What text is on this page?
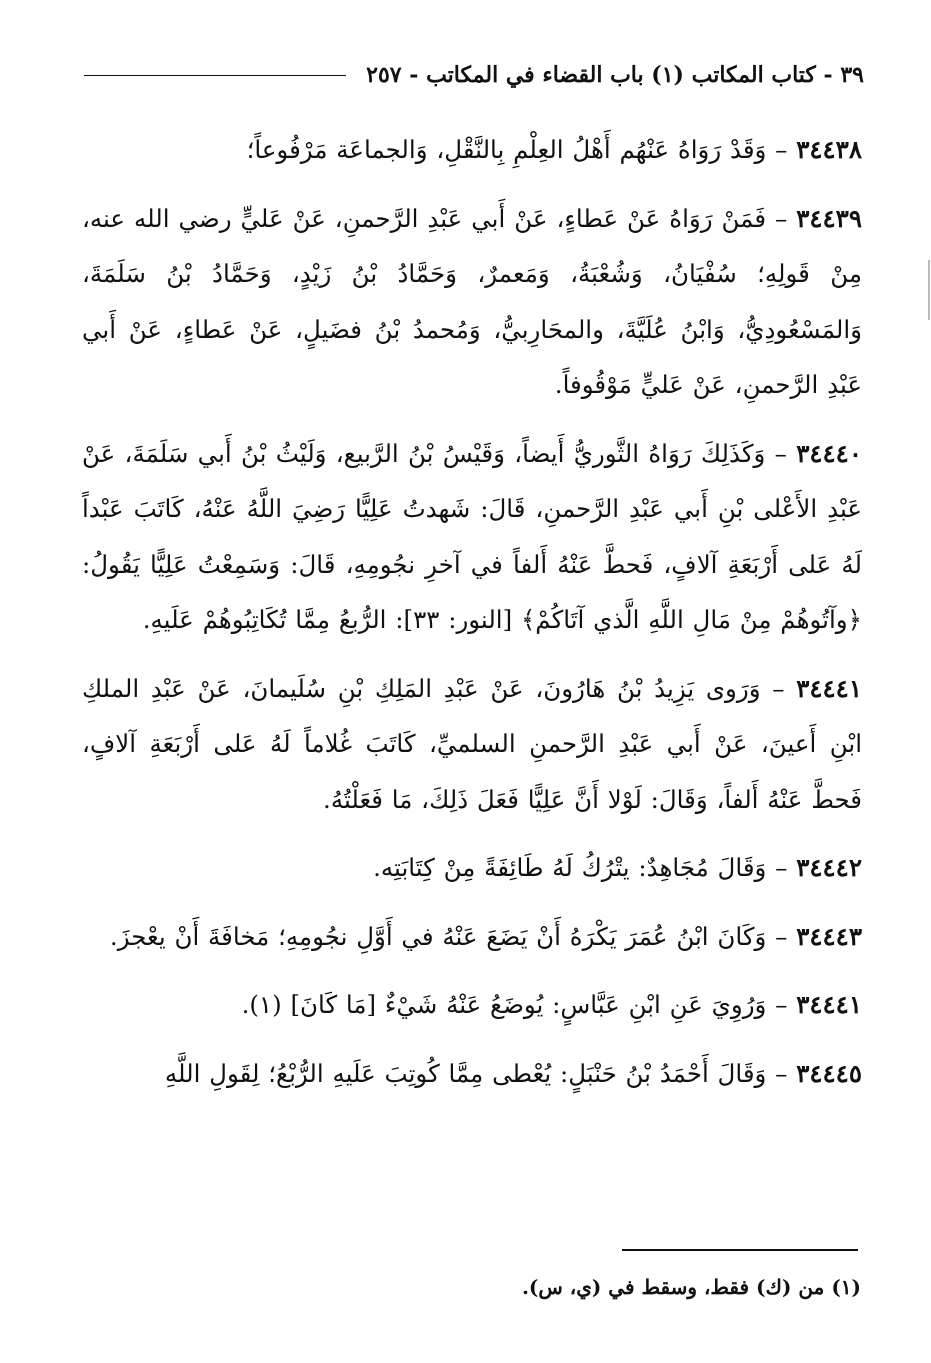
٣٩ - كتاب المكاتب (١) باب القضاء في المكاتب - ٢٥٧

٣٤٤٣٨ – وَقَدْ رَوَاهُ عَنْهُم أَهْلُ العِلْمِ بِالنَّقْلِ، وَالجماعَة مَرْفُوعاً؛

٣٤٤٣٩ – فَمَنْ رَوَاهُ عَنْ عَطاءٍ، عَنْ أَبي عَبْدِ الرَّحمنِ، عَنْ عَليٍّ رضي الله عنه، مِنْ قَولِهِ؛ سُفْيَانُ، وَشُعْبَةُ، وَمَعمرٌ، وَحَمَّادُ بْنُ زَيْدٍ، وَحَمَّادُ بْنُ سَلَمَةَ، وَالمَسْعُودِيُّ، وَابْنُ عُلَيَّةَ، والمحَارِبيُّ، وَمُحمدُ بْنُ فضَيلٍ، عَنْ عَطاءٍ، عَنْ أَبي عَبْدِ الرَّحمنِ، عَنْ عَليٍّ مَوْقُوفاً.

٣٤٤٤٠ – وَكَذَلِكَ رَوَاهُ الثَّوريُّ أَيضاً، وَقَيْسُ بْنُ الرَّبيع، وَلَيْثُ بْنُ أَبي سَلَمَةَ، عَنْ عَبْدِ الأَعْلى بْنِ أَبي عَبْدِ الرَّحمنِ، قَالَ: شَهدتُ عَلِيًّا رَضِيَ اللَّهُ عَنْهُ، كَاتَبَ عَبْداً لَهُ عَلى أَرْبَعَةِ آلافٍ، فَحطَّ عَنْهُ أَلفاً في آخرِ نجُومِهِ، قَالَ: وَسَمِعْتُ عَلِيًّا يَقُولُ: ﴿وآتُوهُمْ مِنْ مَالِ اللَّهِ الَّذي آتَاكُمْ﴾ [النور: ٣٣]: الرُّبعُ مِمَّا تُكَاتِبُوهُمْ عَلَيهِ.

٣٤٤٤١ – وَرَوى يَزِيدُ بْنُ هَارُونَ، عَنْ عَبْدِ المَلِكِ بْنِ سُلَيمانَ، عَنْ عَبْدِ الملكِ ابْنِ أَعينَ، عَنْ أَبي عَبْدِ الرَّحمنِ السلميِّ، كَاتَبَ غُلاماً لَهُ عَلى أَرْبَعَةِ آلافٍ، فَحطَّ عَنْهُ أَلفاً، وَقَالَ: لَوْلا أَنَّ عَلِيًّا فَعَلَ ذَلِكَ، مَا فَعَلْتُهُ.

٣٤٤٤٢ – وَقَالَ مُجَاهِدٌ: يتْرُكُ لَهُ طَائِفَةً مِنْ كِتَابَتِه.

٣٤٤٤٣ – وَكَانَ ابْنُ عُمَرَ يَكْرَهُ أَنْ يَضَعَ عَنْهُ في أَوَّلِ نجُومِهِ؛ مَخافَةَ أَنْ يعْجزَ.

٣٤٤٤١ – وَرُوِيَ عَنِ ابْنِ عَبَّاسٍ: يُوضَعُ عَنْهُ شَيْءٌ [مَا كَانَ] (١).

٣٤٤٤٥ – وَقَالَ أَحْمَدُ بْنُ حَنْبَلٍ: يُعْطى مِمَّا كُوتِبَ عَلَيهِ الرُّبْعُ؛ لِقَولِ اللَّهِ

(١) من (ك) فقط، وسقط في (ي، س).
